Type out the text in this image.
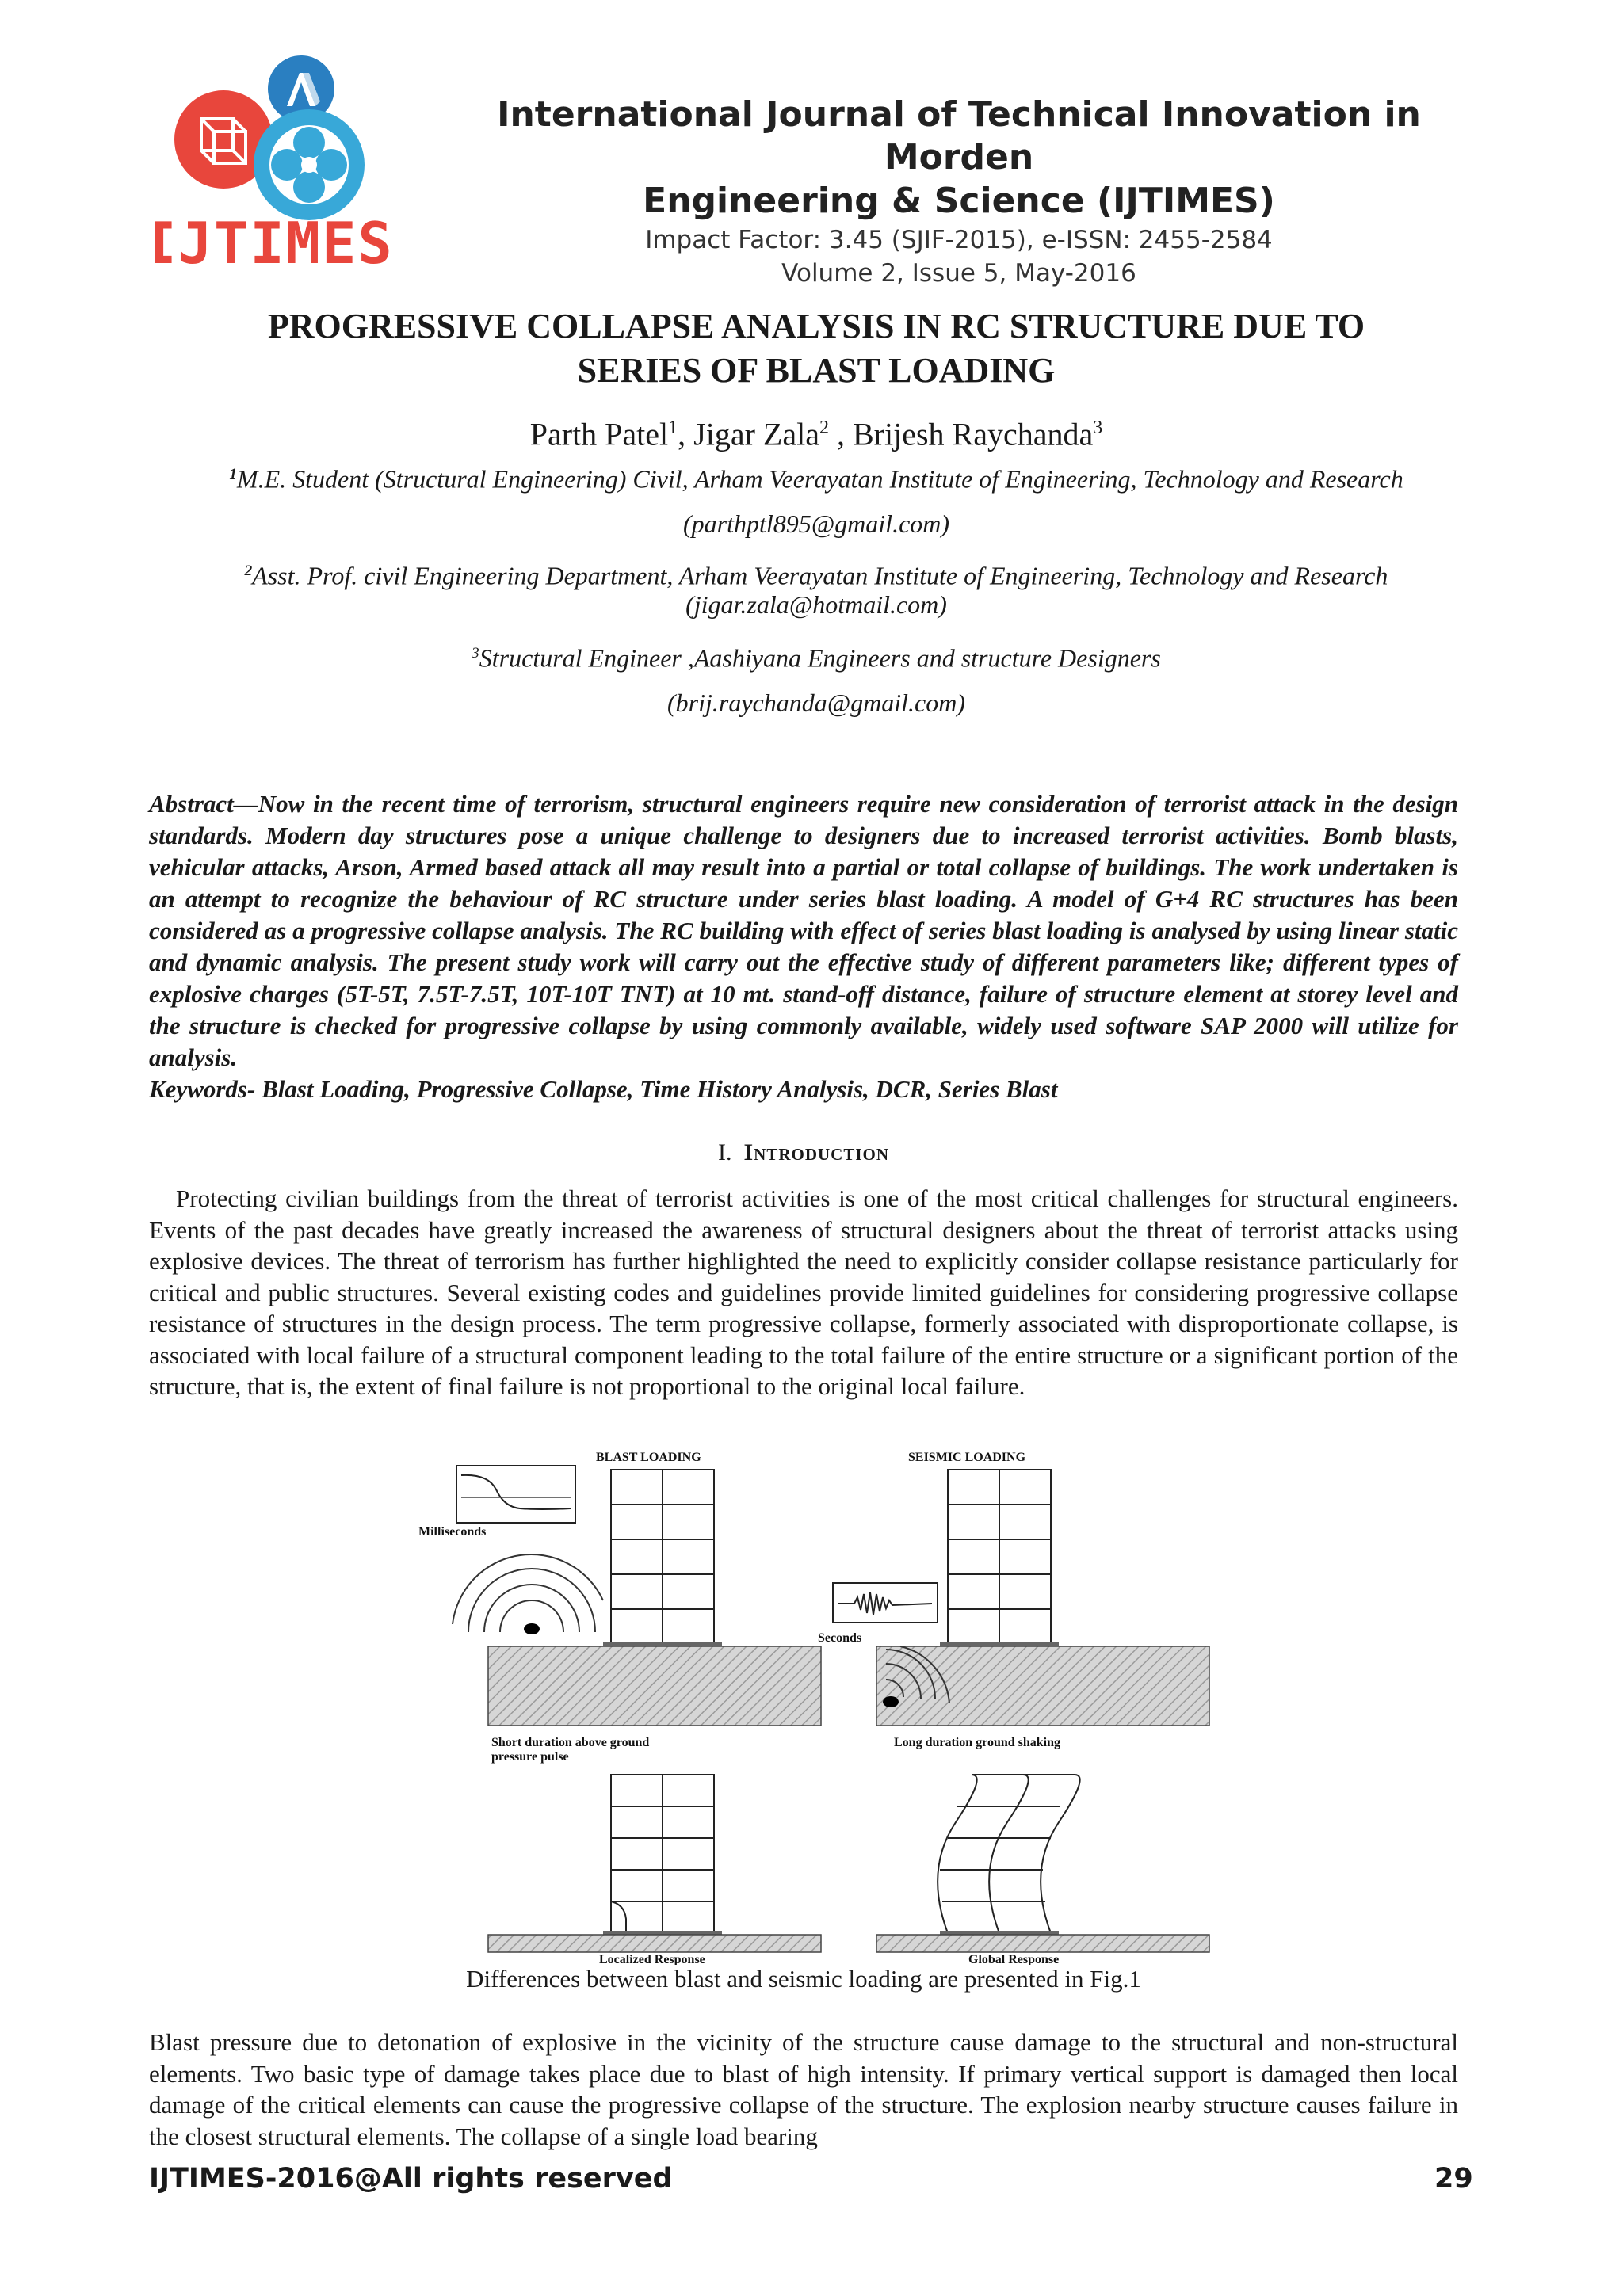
IJTIMES
International Journal of Technical Innovation in Morden
Engineering & Science (IJTIMES)
Impact Factor: 3.45 (SJIF-2015), e-ISSN: 2455-2584
Volume 2, Issue 5, May-2016
PROGRESSIVE COLLAPSE ANALYSIS IN RC STRUCTURE DUE TO
SERIES OF BLAST LOADING
Parth Patel$^1$, Jigar Zala$^2$ , Brijesh Raychanda$^3$
$^1$M.E. Student (Structural Engineering) Civil, Arham Veerayatan Institute of Engineering, Technology and Research
(parthptl895@gmail.com)
$^2$Asst. Prof. civil Engineering Department, Arham Veerayatan Institute of Engineering, Technology and Research
(jigar.zala@hotmail.com)
$^3$Structural Engineer ,Aashiyana Engineers and structure Designers
(brij.raychanda@gmail.com)
Abstract—Now in the recent time of terrorism, structural engineers require new consideration of terrorist attack in the design standards. Modern day structures pose a unique challenge to designers due to increased terrorist activities. Bomb blasts, vehicular attacks, Arson, Armed based attack all may result into a partial or total collapse of buildings. The work undertaken is an attempt to recognize the behaviour of RC structure under series blast loading. A model of G+4 RC structures has been considered as a progressive collapse analysis. The RC building with effect of series blast loading is analysed by using linear static and dynamic analysis. The present study work will carry out the effective study of different parameters like; different types of explosive charges (5T-5T, 7.5T-7.5T, 10T-10T TNT) at 10 mt. stand-off distance, failure of structure element at storey level and the structure is checked for progressive collapse by using commonly available, widely used software SAP 2000 will utilize for analysis.
Keywords- Blast Loading, Progressive Collapse, Time History Analysis, DCR, Series Blast
I. Introduction
Protecting civilian buildings from the threat of terrorist activities is one of the most critical challenges for structural engineers. Events of the past decades have greatly increased the awareness of structural designers about the threat of terrorist attacks using explosive devices. The threat of terrorism has further highlighted the need to explicitly consider collapse resistance particularly for critical and public structures. Several existing codes and guidelines provide limited guidelines for considering progressive collapse resistance of structures in the design process. The term progressive collapse, formerly associated with disproportionate collapse, is associated with local failure of a structural component leading to the total failure of the entire structure or a significant portion of the structure, that is, the extent of final failure is not proportional to the original local failure.
BLAST LOADING
Milliseconds
Short duration above ground
pressure pulse
SEISMIC LOADING
Seconds
Long duration ground shaking
Localized Response	Global Response
Differences between blast and seismic loading are presented in Fig.1
Blast pressure due to detonation of explosive in the vicinity of the structure cause damage to the structural and non-structural elements. Two basic type of damage takes place due to blast of high intensity. If primary vertical support is damaged then local damage of the critical elements can cause the progressive collapse of the structure. The explosion nearby structure causes failure in the closest structural elements. The collapse of a single load bearing
IJTIMES-2016@All rights reserved	29
